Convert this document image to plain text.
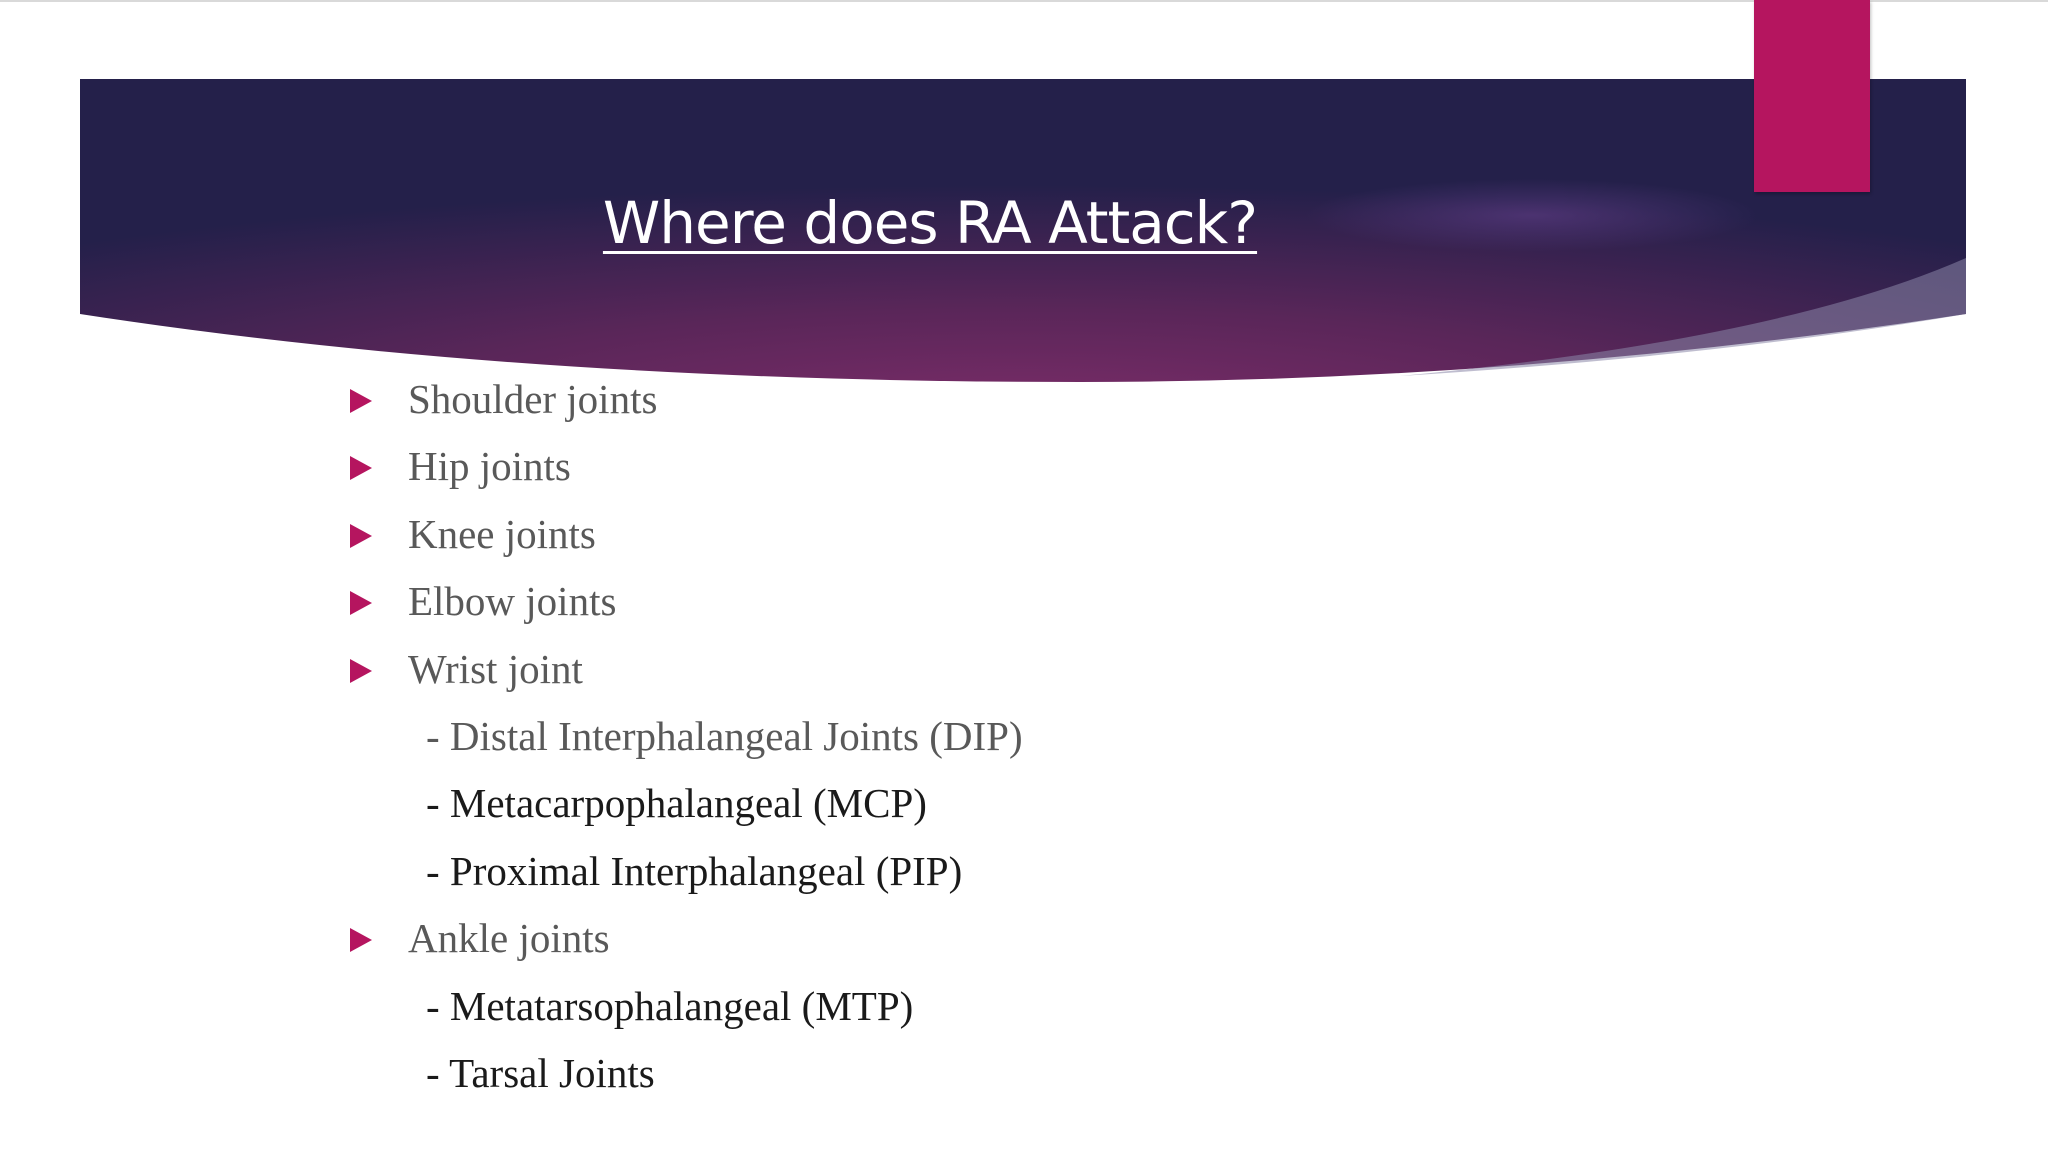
Where does RA Attack?
Shoulder joints
Hip joints
Knee joints
Elbow joints
Wrist joint
- Distal Interphalangeal Joints (DIP)
- Metacarpophalangeal (MCP)
- Proximal Interphalangeal (PIP)
Ankle joints
- Metatarsophalangeal (MTP)
- Tarsal Joints
